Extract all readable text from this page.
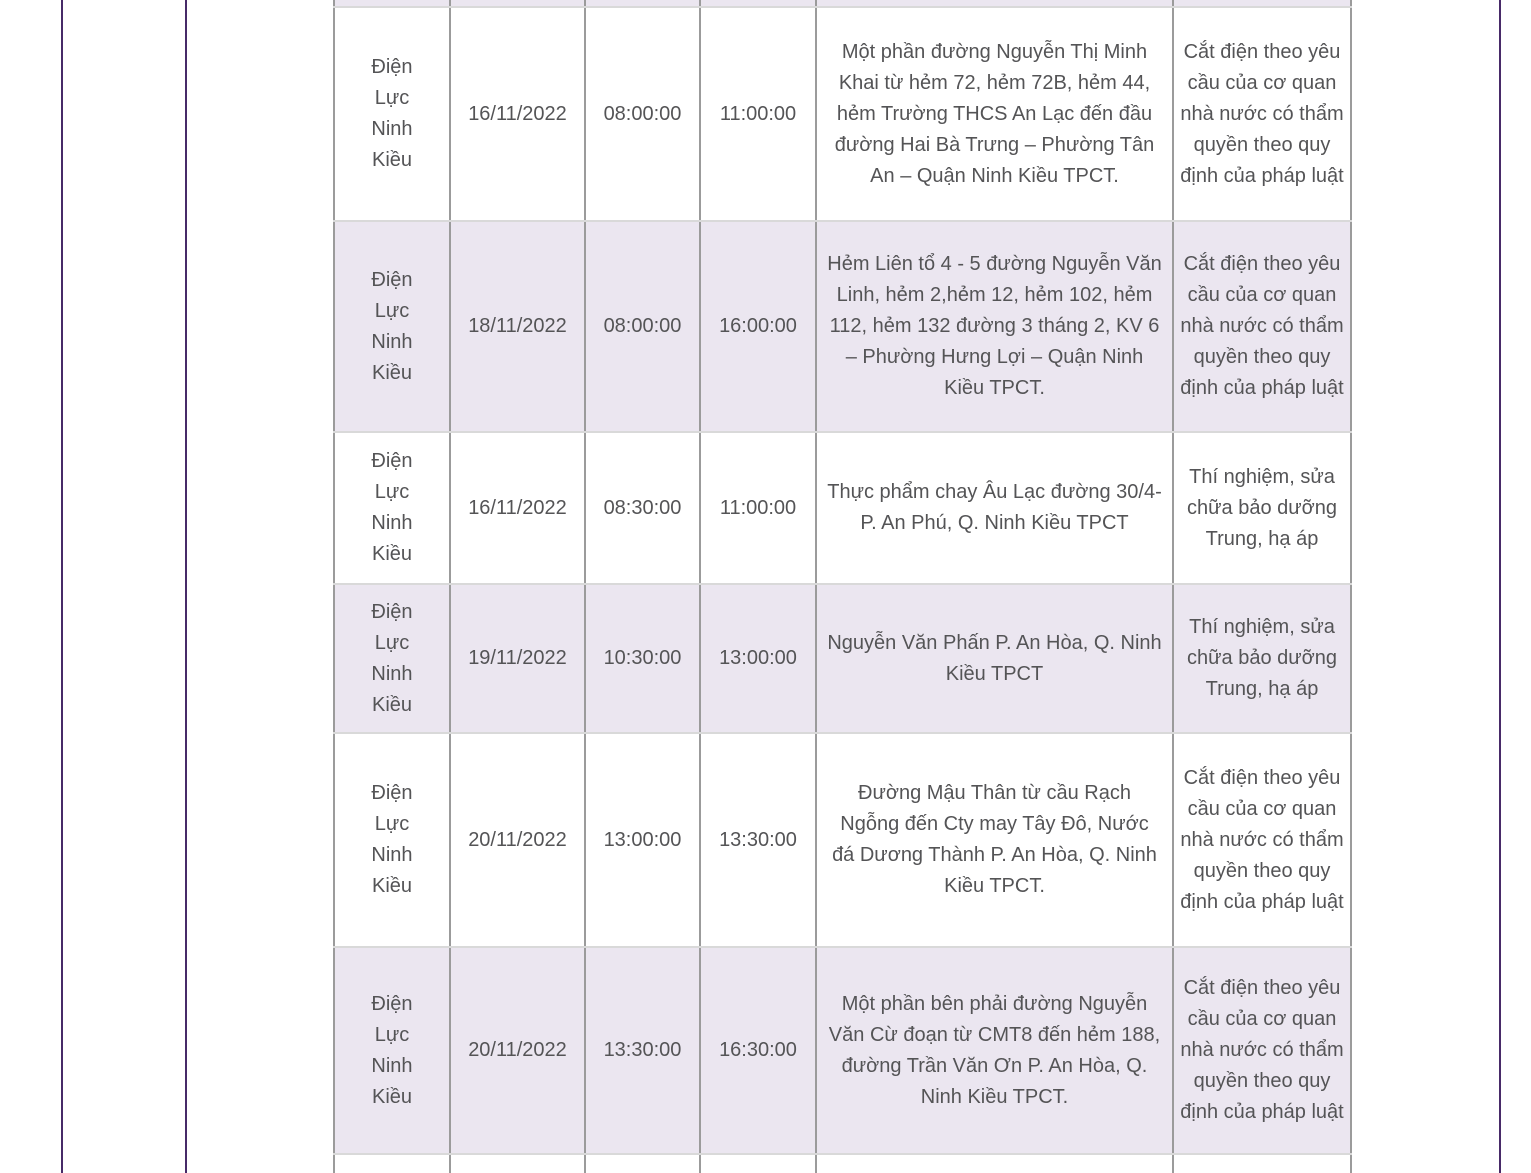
Điện Lực Ninh Kiều	16/11/2022	08:00:00	11:00:00	Một phần đường Nguyễn Thị Minh Khai từ hẻm 72, hẻm 72B, hẻm 44, hẻm Trường THCS An Lạc đến đầu đường Hai Bà Trưng – Phường Tân An – Quận Ninh Kiều TPCT.	Cắt điện theo yêu cầu của cơ quan nhà nước có thẩm quyền theo quy định của pháp luật
Điện Lực Ninh Kiều	18/11/2022	08:00:00	16:00:00	Hẻm Liên tổ 4 - 5 đường Nguyễn Văn Linh, hẻm 2,hẻm 12, hẻm 102, hẻm 112, hẻm 132 đường 3 tháng 2, KV 6 – Phường Hưng Lợi – Quận Ninh Kiều TPCT.	Cắt điện theo yêu cầu của cơ quan nhà nước có thẩm quyền theo quy định của pháp luật
Điện Lực Ninh Kiều	16/11/2022	08:30:00	11:00:00	Thực phẩm chay Âu Lạc đường 30/4- P. An Phú, Q. Ninh Kiều TPCT	Thí nghiệm, sửa chữa bảo dưỡng Trung, hạ áp
Điện Lực Ninh Kiều	19/11/2022	10:30:00	13:00:00	Nguyễn Văn Phấn P. An Hòa, Q. Ninh Kiều TPCT	Thí nghiệm, sửa chữa bảo dưỡng Trung, hạ áp
Điện Lực Ninh Kiều	20/11/2022	13:00:00	13:30:00	Đường Mậu Thân từ cầu Rạch Ngỗng đến Cty may Tây Đô, Nước đá Dương Thành P. An Hòa, Q. Ninh Kiều TPCT.	Cắt điện theo yêu cầu của cơ quan nhà nước có thẩm quyền theo quy định của pháp luật
Điện Lực Ninh Kiều	20/11/2022	13:30:00	16:30:00	Một phần bên phải đường Nguyễn Văn Cừ đoạn từ CMT8 đến hẻm 188, đường Trần Văn Ơn P. An Hòa, Q. Ninh Kiều TPCT.	Cắt điện theo yêu cầu của cơ quan nhà nước có thẩm quyền theo quy định của pháp luật
